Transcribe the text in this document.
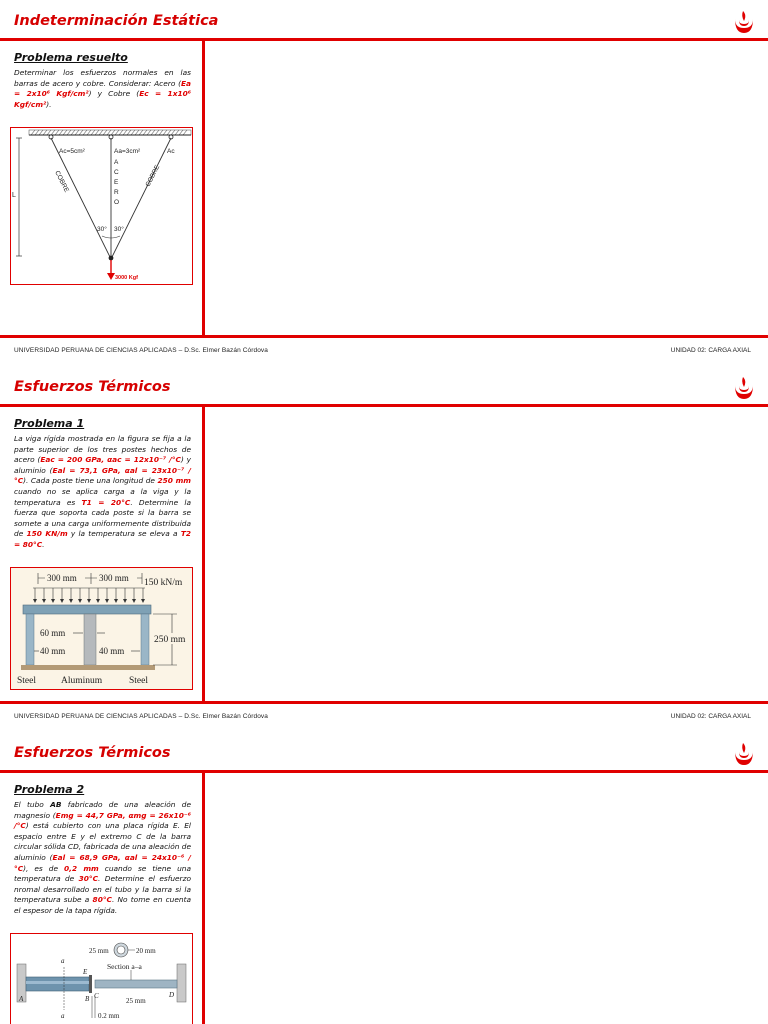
Indeterminación Estática
Problema resuelto
Determinar los esfuerzos normales en las barras de acero y cobre. Considerar: Acero (Ea = 2x10⁶ Kgf/cm²) y Cobre (Ec = 1x10⁶ Kgf/cm²).
L
Ac=5cm²	Aa=3cm²	Ac
COBRE	COBRE
A
C
E
R
O
30° 30°
3000 Kgf
UNIVERSIDAD PERUANA DE CIENCIAS APLICADAS – D.Sc. Elmer Bazán Córdova	UNIDAD 02: CARGA AXIAL
Esfuerzos Térmicos
Problema 1
La viga rígida mostrada en la figura se fija a la parte superior de los tres postes hechos de acero (Eac = 200 GPa, αac = 12x10⁻⁷ /°C) y aluminio (Eal = 73,1 GPa, αal = 23x10⁻⁷ /°C). Cada poste tiene una longitud de 250 mm cuando no se aplica carga a la viga y la temperatura es T1 = 20°C. Determine la fuerza que soporta cada poste si la barra se somete a una carga uniformemente distribuida de 150 KN/m y la temperatura se eleva a T2 = 80°C.
300 mm 300 mm 150 kN/m
250 mm
60 mm
40 mm	40 mm
Steel	Aluminum	Steel
UNIVERSIDAD PERUANA DE CIENCIAS APLICADAS – D.Sc. Elmer Bazán Córdova	UNIDAD 02: CARGA AXIAL
Esfuerzos Térmicos
Problema 2
El tubo AB fabricado de una aleación de magnesio (Emg = 44,7 GPa, αmg = 26x10⁻⁶ /°C) está cubierto con una placa rígida E. El espacio entre E y el extremo C de la barra circular sólida CD, fabricada de una aleación de aluminio (Eal = 68,9 GPa, αal = 24x10⁻⁶ /°C), es de 0,2 mm cuando se tiene una temperatura de 30°C. Determine el esfuerzo nromal desarrollado en el tubo y la barra si la temperatura sube a 80°C. No tome en cuenta el espesor de la tapa rígida.
25 mm	20 mm
Section a–a
a
a
E
A	B C	D
25 mm
0.2 mm
